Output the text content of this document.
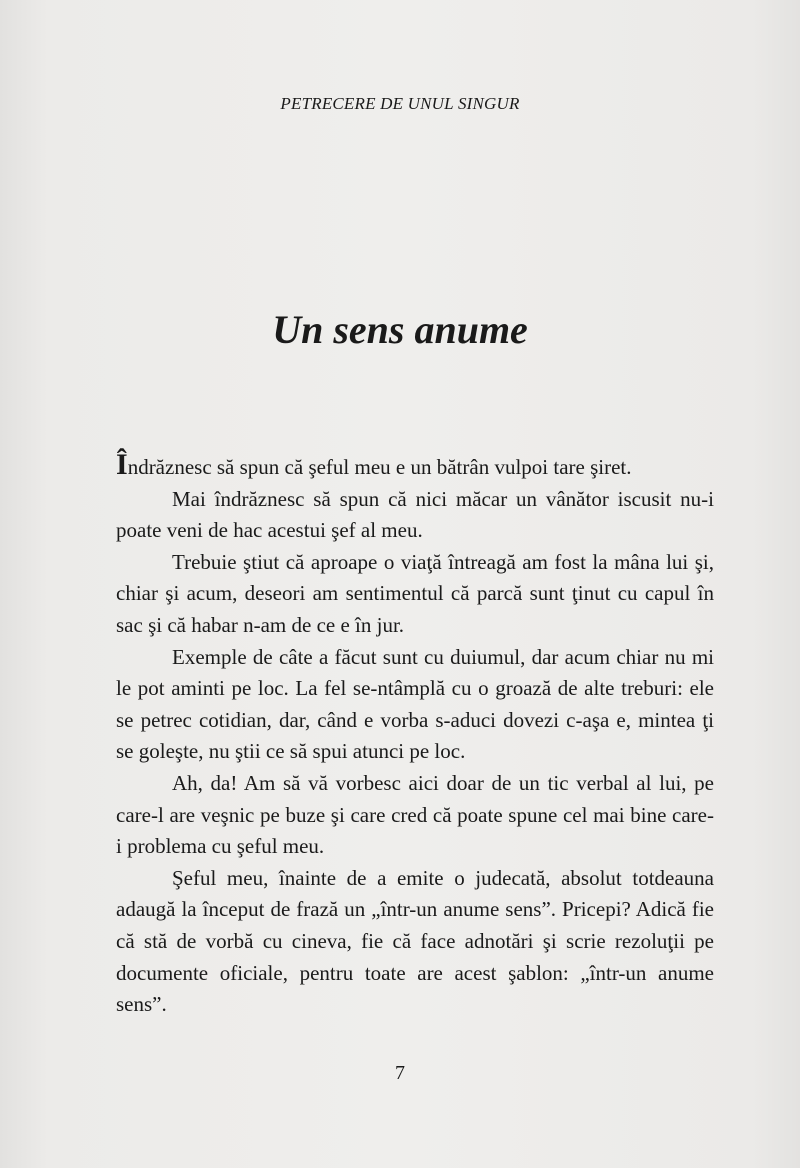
PETRECERE DE UNUL SINGUR
Un sens anume

Îndrăznesc să spun că şeful meu e un bătrân vulpoi tare şiret.

Mai îndrăznesc să spun că nici măcar un vânător iscusit nu-i poate veni de hac acestui şef al meu.

Trebuie ştiut că aproape o viaţă întreagă am fost la mâna lui şi, chiar şi acum, deseori am sentimentul că parcă sunt ţinut cu capul în sac şi că habar n-am de ce e în jur.

Exemple de câte a făcut sunt cu duiumul, dar acum chiar nu mi le pot aminti pe loc. La fel se-ntâmplă cu o groază de alte treburi: ele se petrec cotidian, dar, când e vorba s-aduci dovezi c-aşa e, mintea ţi se goleşte, nu ştii ce să spui atunci pe loc.

Ah, da! Am să vă vorbesc aici doar de un tic verbal al lui, pe care-l are veşnic pe buze şi care cred că poate spune cel mai bine care-i problema cu şeful meu.

Şeful meu, înainte de a emite o judecată, absolut totdeauna adaugă la început de frază un „într-un anume sens”. Pricepi? Adică fie că stă de vorbă cu cineva, fie că face adnotări şi scrie rezoluţii pe documente oficiale, pentru toate are acest şablon: „într-un anume sens”.

7
